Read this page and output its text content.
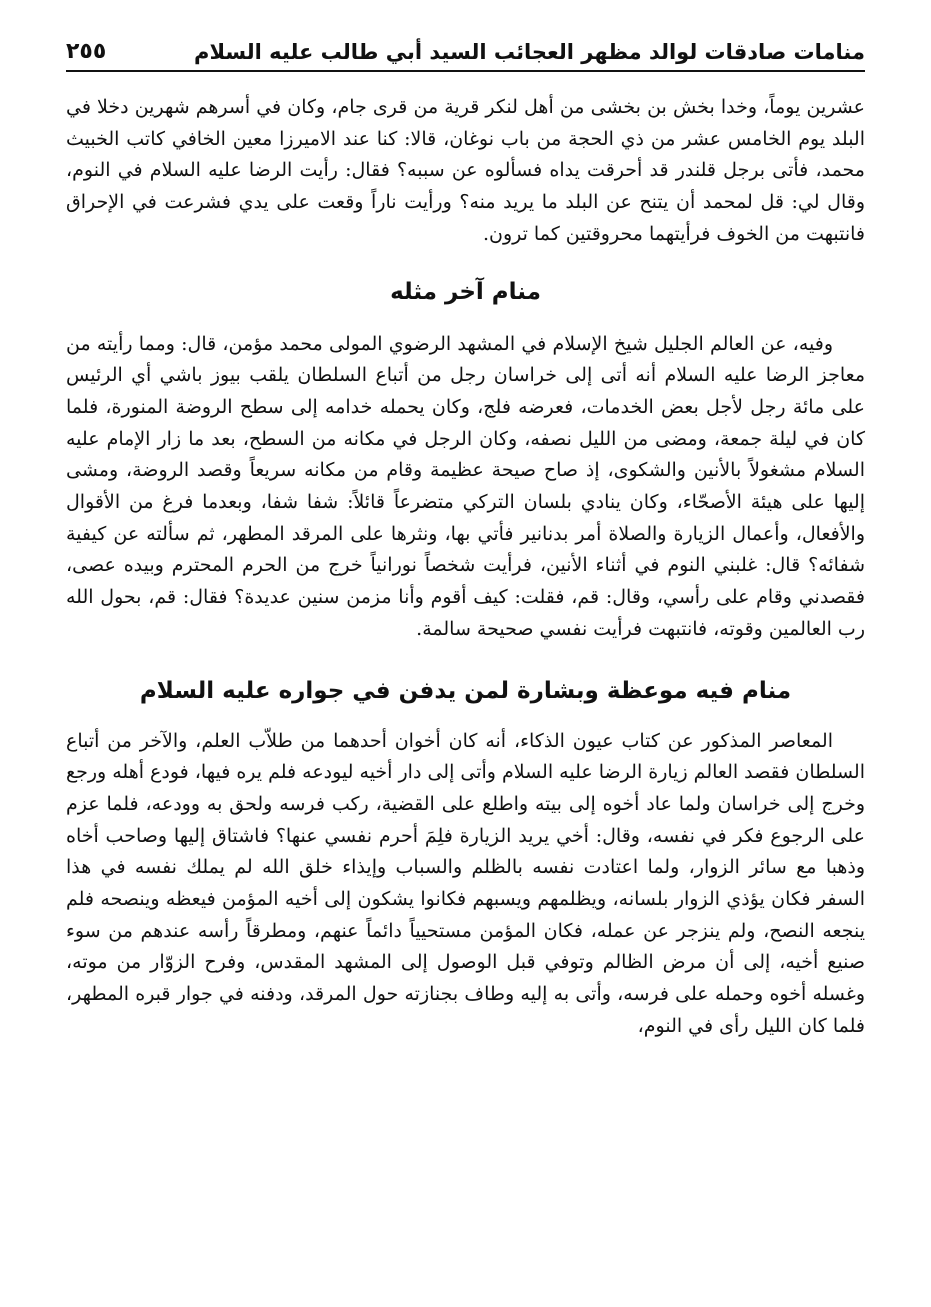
منامات صادقات لوالد مظهر العجائب السيد أبي طالب عليه السلام
٢٥٥

عشرين يوماً، وخدا بخش بن بخشى من أهل لنكر قرية من قرى جام، وكان في أسرهم شهرين دخلا في البلد يوم الخامس عشر من ذي الحجة من باب نوغان، قالا: كنا عند الاميرزا معين الخافي كاتب الخبيث محمد، فأتى برجل قلندر قد أحرقت يداه فسألوه عن سببه؟ فقال: رأيت الرضا عليه السلام في النوم، وقال لي: قل لمحمد أن يتنح عن البلد ما يريد منه؟ ورأيت ناراً وقعت على يدي فشرعت في الإحراق فانتبهت من الخوف فرأيتهما محروقتين كما ترون.

منام آخر مثله

وفيه، عن العالم الجليل شيخ الإسلام في المشهد الرضوي المولى محمد مؤمن، قال: ومما رأيته من معاجز الرضا عليه السلام أنه أتى إلى خراسان رجل من أتباع السلطان يلقب بيوز باشي أي الرئيس على مائة رجل لأجل بعض الخدمات، فعرضه فلج، وكان يحمله خدامه إلى سطح الروضة المنورة، فلما كان في ليلة جمعة، ومضى من الليل نصفه، وكان الرجل في مكانه من السطح، بعد ما زار الإمام عليه السلام مشغولاً بالأنين والشكوى، إذ صاح صيحة عظيمة وقام من مكانه سريعاً وقصد الروضة، ومشى إليها على هيئة الأصحّاء، وكان ينادي بلسان التركي متضرعاً قائلاً: شفا شفا، وبعدما فرغ من الأقوال والأفعال، وأعمال الزيارة والصلاة أمر بدنانير فأتي بها، ونثرها على المرقد المطهر، ثم سألته عن كيفية شفائه؟ قال: غلبني النوم في أثناء الأنين، فرأيت شخصاً نورانياً خرج من الحرم المحترم وبيده عصى، فقصدني وقام على رأسي، وقال: قم، فقلت: كيف أقوم وأنا مزمن سنين عديدة؟ فقال: قم، بحول الله رب العالمين وقوته، فانتبهت فرأيت نفسي صحيحة سالمة.

منام فيه موعظة وبشارة لمن يدفن في جواره عليه السلام

المعاصر المذكور عن كتاب عيون الذكاء، أنه كان أخوان أحدهما من طلاّب العلم، والآخر من أتباع السلطان فقصد العالم زيارة الرضا عليه السلام وأتى إلى دار أخيه ليودعه فلم يره فيها، فودع أهله ورجع وخرج إلى خراسان ولما عاد أخوه إلى بيته واطلع على القضية، ركب فرسه ولحق به وودعه، فلما عزم على الرجوع فكر في نفسه، وقال: أخي يريد الزيارة فلِمَ أحرم نفسي عنها؟ فاشتاق إليها وصاحب أخاه وذهبا مع سائر الزوار، ولما اعتادت نفسه بالظلم والسباب وإيذاء خلق الله لم يملك نفسه في هذا السفر فكان يؤذي الزوار بلسانه، ويظلمهم ويسبهم فكانوا يشكون إلى أخيه المؤمن فيعظه وينصحه فلم ينجعه النصح، ولم ينزجر عن عمله، فكان المؤمن مستحيياً دائماً عنهم، ومطرقاً رأسه عندهم من سوء صنيع أخيه، إلى أن مرض الظالم وتوفي قبل الوصول إلى المشهد المقدس، وفرح الزوّار من موته، وغسله أخوه وحمله على فرسه، وأتى به إليه وطاف بجنازته حول المرقد، ودفنه في جوار قبره المطهر، فلما كان الليل رأى في النوم،
